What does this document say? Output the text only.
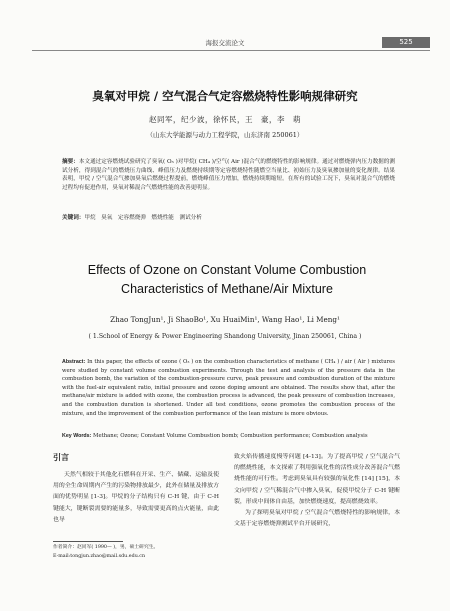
海报交流论文	525
臭氧对甲烷 / 空气混合气定容燃烧特性影响规律研究
赵同军，纪少波，徐怀民，王　豪，李　萌
（山东大学能源与动力工程学院，山东济南 250061）
摘要：本文通过定容燃烧试验研究了臭氧( O₃ )对甲烷( CH₄ )/空气( Air )混合气的燃烧特性的影响规律。通过对燃烧弹内压力数据的测试分析，得到混合气的燃烧压力曲线、峰值压力及燃烧持续期等定容燃烧特性随燃空当量比、初始压力及臭氧掺加量的变化规律。结果表明，甲烷 / 空气混合气掺加臭氧后燃烧过程提前，燃烧峰值压力增加，燃烧持续期缩短。在所有的试验工况下，臭氧对混合气的燃烧过程均有促进作用，臭氧对稀混合气燃烧性能的改善更明显。
关键词：甲烷　臭氧　定容燃烧弹　燃烧性能　测试分析
Effects of Ozone on Constant Volume Combustion Characteristics of Methane/Air Mixture
Zhao TongJun¹, Ji ShaoBo¹, Xu HuaiMin¹, Wang Hao¹, Li Meng¹
( 1.School of Energy & Power Engineering Shandong University, Jinan 250061, China )
Abstract: In this paper, the effects of ozone ( O₃ ) on the combustion characteristics of methane ( CH₄ ) / air ( Air ) mixtures were studied by constant volume combustion experiments. Through the test and analysis of the pressure data in the combustion bomb, the variation of the combustion-pressure curve, peak pressure and combustion duration of the mixture with the fuel-air equivalent ratio, initial pressure and ozone doping amount are obtained. The results show that, after the methane/air mixture is added with ozone, the combustion process is advanced, the peak pressure of combustion increases, and the combustion duration is shortened. Under all test conditions, ozone promotes the combustion process of the mixture, and the improvement of the combustion performance of the lean mixture is more obvious.
Key Words: Methane; Ozone; Constant Volume Combustion bomb; Combustion performance; Combustion analysis
引言

天然气相较于其他化石燃料在开采、生产、储藏、运输及使用的全生命周期内产生的污染物排放最少，此外在储量及排放方面的优势明显 [1-3]。甲烷的分子结构只有 C-H 键，由于 C-H 键能大，键断裂需要的能量多，导致需要更高的点火能量，由此也导

致火焰传播速度慢等问题 [4-13]。为了提高甲烷 / 空气混合气的燃烧性能，本文探索了利用强氧化性的活性成分改善混合气燃烧性能的可行性。考虑到臭氧具有较强的氧化性 [14] [15]，本文向甲烷 / 空气稀混合气中掺入臭氧，促使甲烷分子 C-H 键断裂，形成中间体自由基，加快燃烧速度，提高燃烧效率。

为了探明臭氧对甲烷 / 空气混合气燃烧特性的影响规律，本文基于定容燃烧弹测试平台开展研究，

作者简介：赵同军( 1990— )，男，硕士研究生。
E-mail:tongjun.zhao@mail.sdu.edu.cn
